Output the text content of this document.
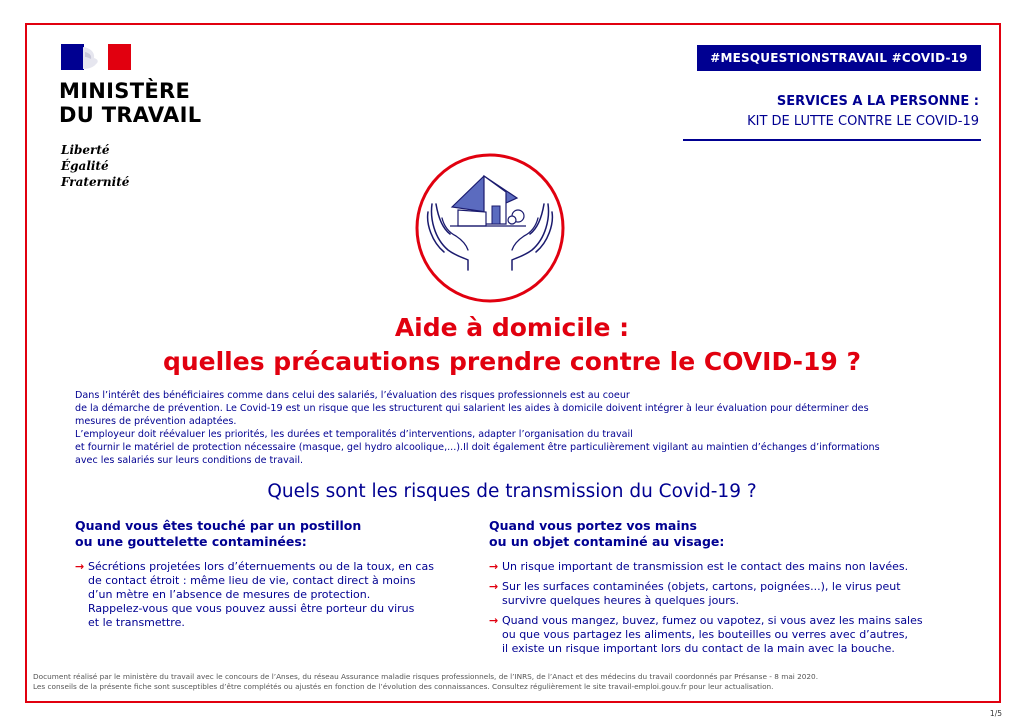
MINISTÈRE
DU TRAVAIL
Liberté
Égalité
Fraternité
#MESQUESTIONSTRAVAIL #COVID-19
SERVICES A LA PERSONNE :
KIT DE LUTTE CONTRE LE COVID-19
Aide à domicile :
quelles précautions prendre contre le COVID-19 ?

Dans l’intérêt des bénéficiaires comme dans celui des salariés, l’évaluation des risques professionnels est au coeur

de la démarche de prévention. Le Covid-19 est un risque que les structurent qui salarient les aides à domicile doivent intégrer à leur évaluation pour déterminer des

mesures de prévention adaptées.

L’employeur doit réévaluer les priorités, les durées et temporalités d’interventions, adapter l’organisation du travail

et fournir le matériel de protection nécessaire (masque, gel hydro alcoolique,...).Il doit également être particulièrement vigilant au maintien d’échanges d’informations

avec les salariés sur leurs conditions de travail.

Quels sont les risques de transmission du Covid-19 ?
Quand vous êtes touché par un postillon
ou une gouttelette contaminées:
→ Sécrétions projetées lors d’éternuements ou de la toux, en cas
de contact étroit : même lieu de vie, contact direct à moins
d’un mètre en l’absence de mesures de protection.
Rappelez-vous que vous pouvez aussi être porteur du virus
et le transmettre.
Quand vous portez vos mains
ou un objet contaminé au visage:
→ Un risque important de transmission est le contact des mains non lavées.
→ Sur les surfaces contaminées (objets, cartons, poignées...), le virus peut
survivre quelques heures à quelques jours.
→ Quand vous mangez, buvez, fumez ou vapotez, si vous avez les mains sales
ou que vous partagez les aliments, les bouteilles ou verres avec d’autres,
il existe un risque important lors du contact de la main avec la bouche.

Document réalisé par le ministère du travail avec le concours de l’Anses, du réseau Assurance maladie risques professionnels, de l’INRS, de l’Anact et des médecins du travail coordonnés par Présanse - 8 mai 2020.

Les conseils de la présente fiche sont susceptibles d’être complétés ou ajustés en fonction de l’évolution des connaissances. Consultez régulièrement le site travail-emploi.gouv.fr pour leur actualisation.

1/5
